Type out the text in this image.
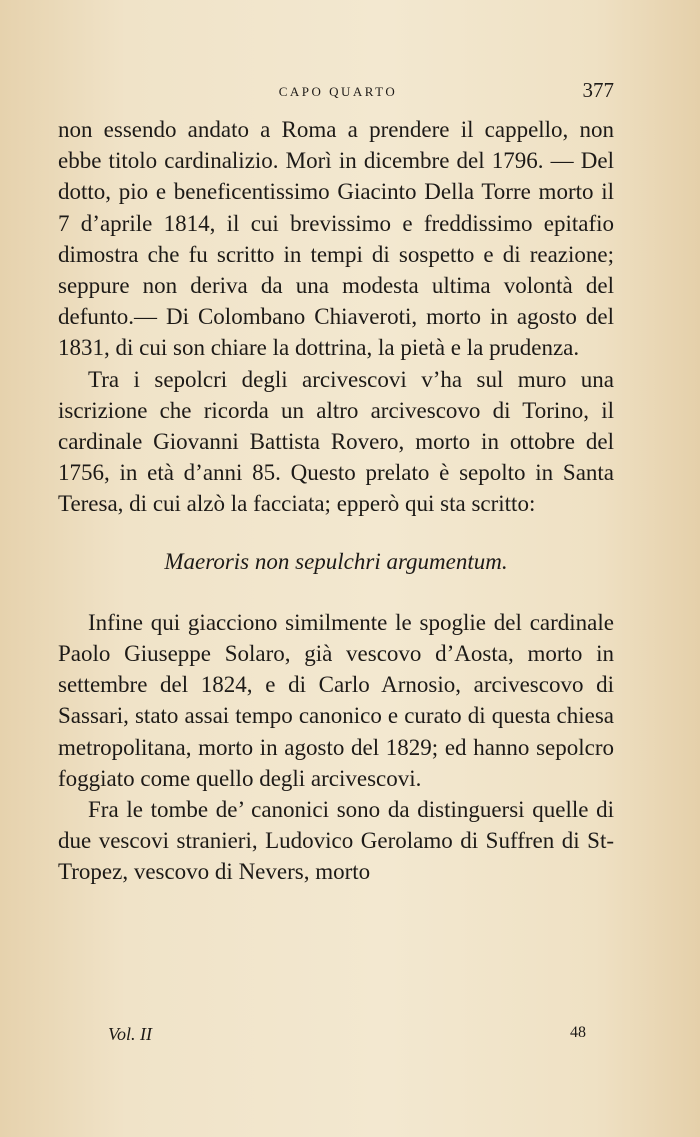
CAPO QUARTO	377

non essendo andato a Roma a prendere il cappello, non ebbe titolo cardinalizio. Morì in dicembre del 1796. — Del dotto, pio e beneficentissimo Giacinto Della Torre morto il 7 d’aprile 1814, il cui brevissimo e freddissimo epitafio dimostra che fu scritto in tempi di sospetto e di reazione; seppure non deriva da una modesta ultima volontà del defunto.— Di Colombano Chiaveroti, morto in agosto del 1831, di cui son chiare la dottrina, la pietà e la prudenza.

Tra i sepolcri degli arcivescovi v’ha sul muro una iscrizione che ricorda un altro arcivescovo di Torino, il cardinale Giovanni Battista Rovero, morto in ottobre del 1756, in età d’anni 85. Questo prelato è sepolto in Santa Teresa, di cui alzò la facciata; epperò qui sta scritto:

Maeroris non sepulchri argumentum.

Infine qui giacciono similmente le spoglie del cardinale Paolo Giuseppe Solaro, già vescovo d’Aosta, morto in settembre del 1824, e di Carlo Arnosio, arcivescovo di Sassari, stato assai tempo canonico e curato di questa chiesa metropolitana, morto in agosto del 1829; ed hanno sepolcro foggiato come quello degli arcivescovi.

Fra le tombe de’ canonici sono da distinguersi quelle di due vescovi stranieri, Ludovico Gerolamo di Suffren di St-Tropez, vescovo di Nevers, morto

Vol. II	48
